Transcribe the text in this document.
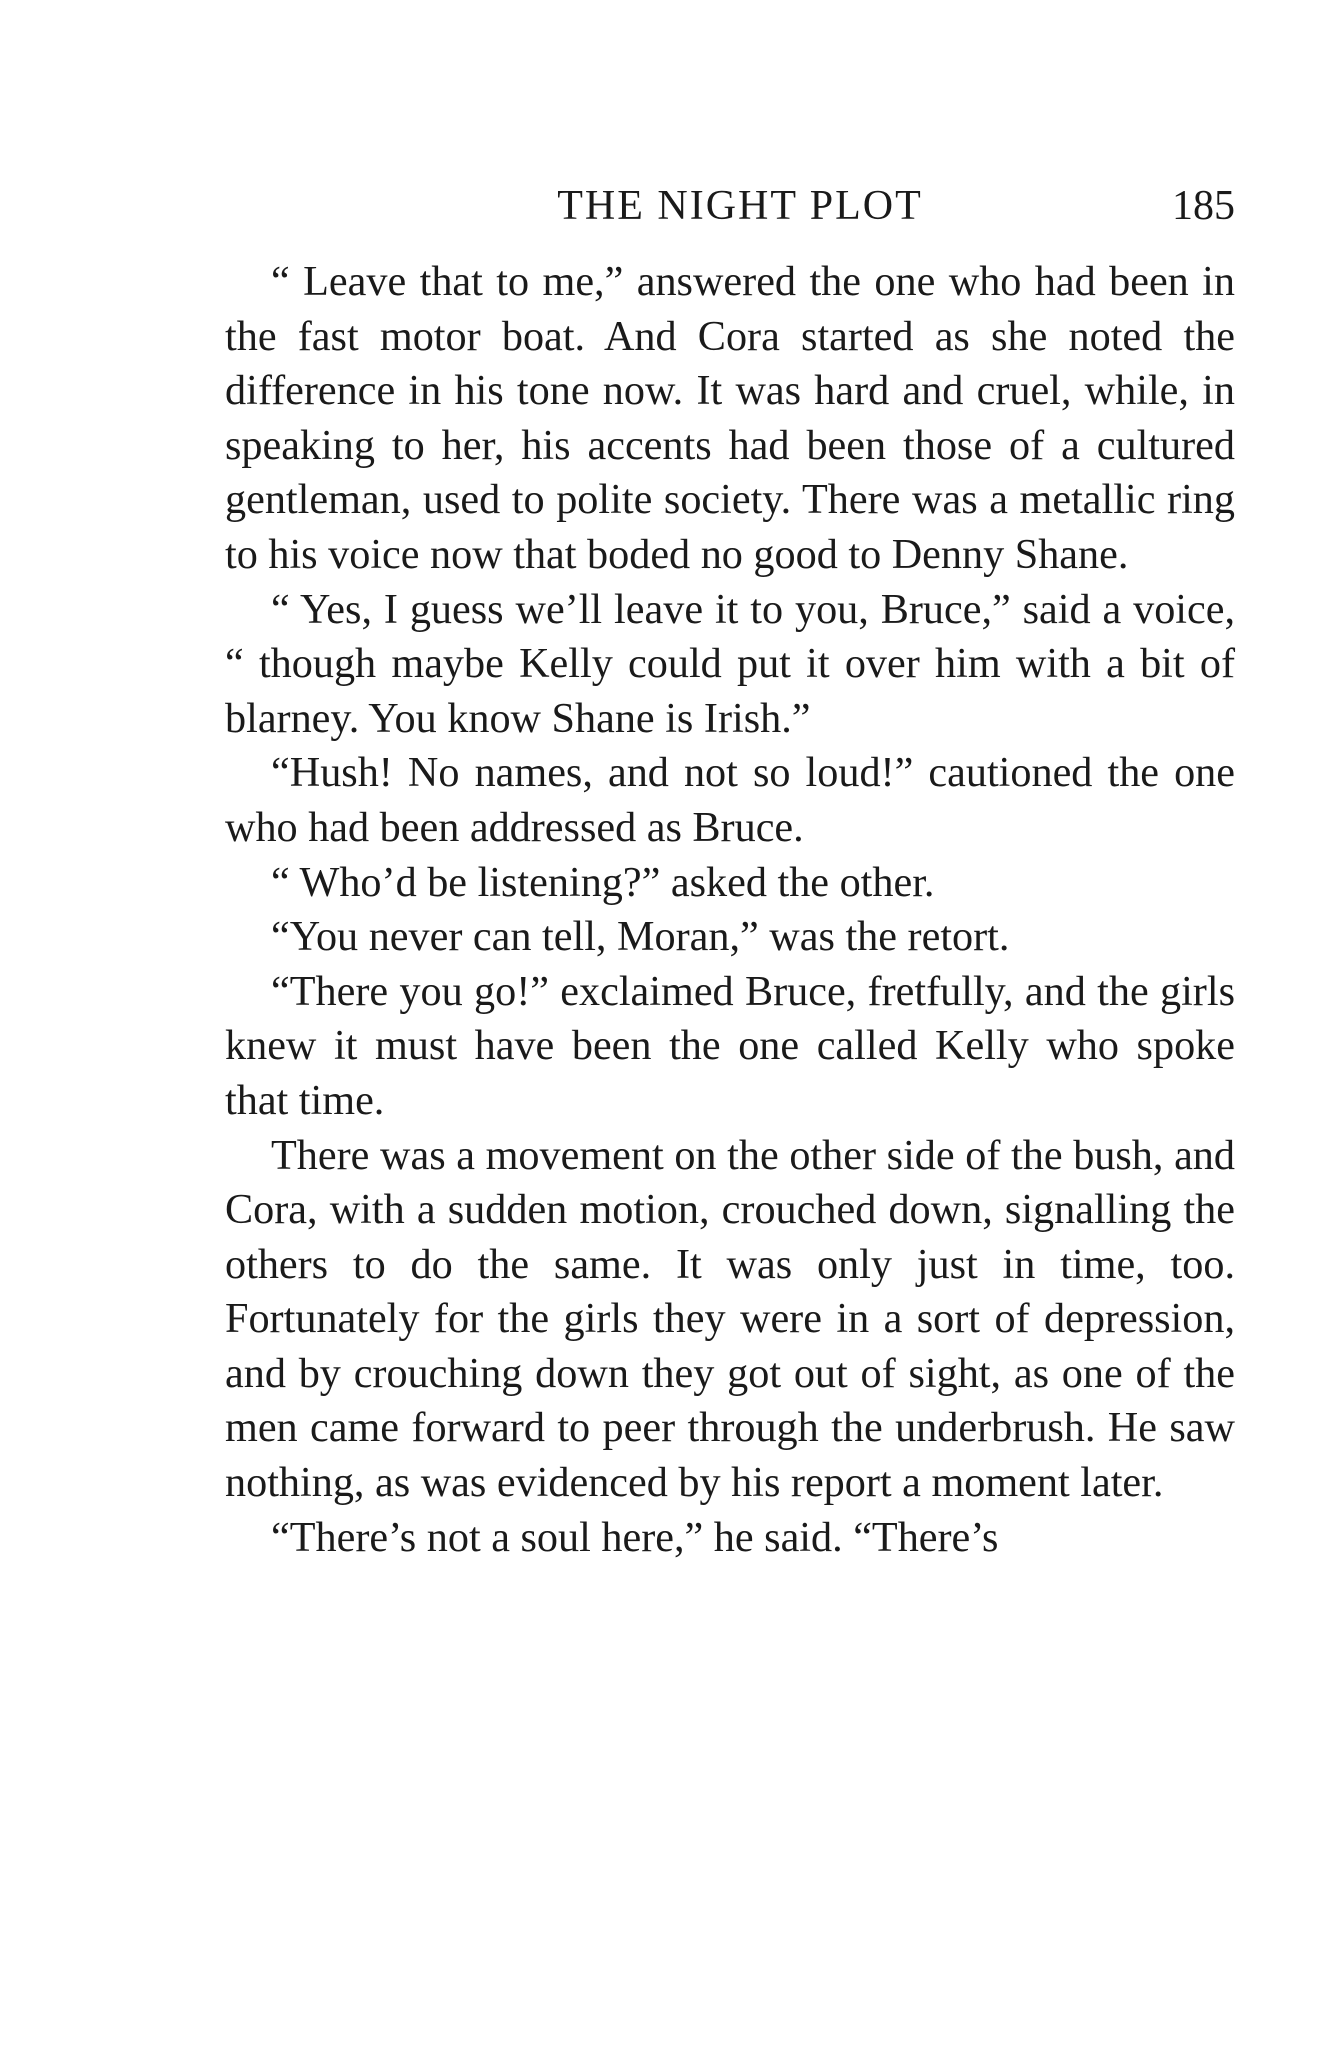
THE NIGHT PLOT	185

“ Leave that to me,” answered the one who had been in the fast motor boat. And Cora started as she noted the difference in his tone now. It was hard and cruel, while, in speaking to her, his accents had been those of a cultured gentleman, used to polite society. There was a metallic ring to his voice now that boded no good to Denny Shane.

“ Yes, I guess we’ll leave it to you, Bruce,” said a voice, “ though maybe Kelly could put it over him with a bit of blarney. You know Shane is Irish.”

“Hush! No names, and not so loud!” cautioned the one who had been addressed as Bruce.

“ Who’d be listening?” asked the other.

“You never can tell, Moran,” was the retort.

“There you go!” exclaimed Bruce, fretfully, and the girls knew it must have been the one called Kelly who spoke that time.

There was a movement on the other side of the bush, and Cora, with a sudden motion, crouched down, signalling the others to do the same. It was only just in time, too. Fortunately for the girls they were in a sort of depression, and by crouching down they got out of sight, as one of the men came forward to peer through the underbrush. He saw nothing, as was evidenced by his report a moment later.

“There’s not a soul here,” he said. “There’s
